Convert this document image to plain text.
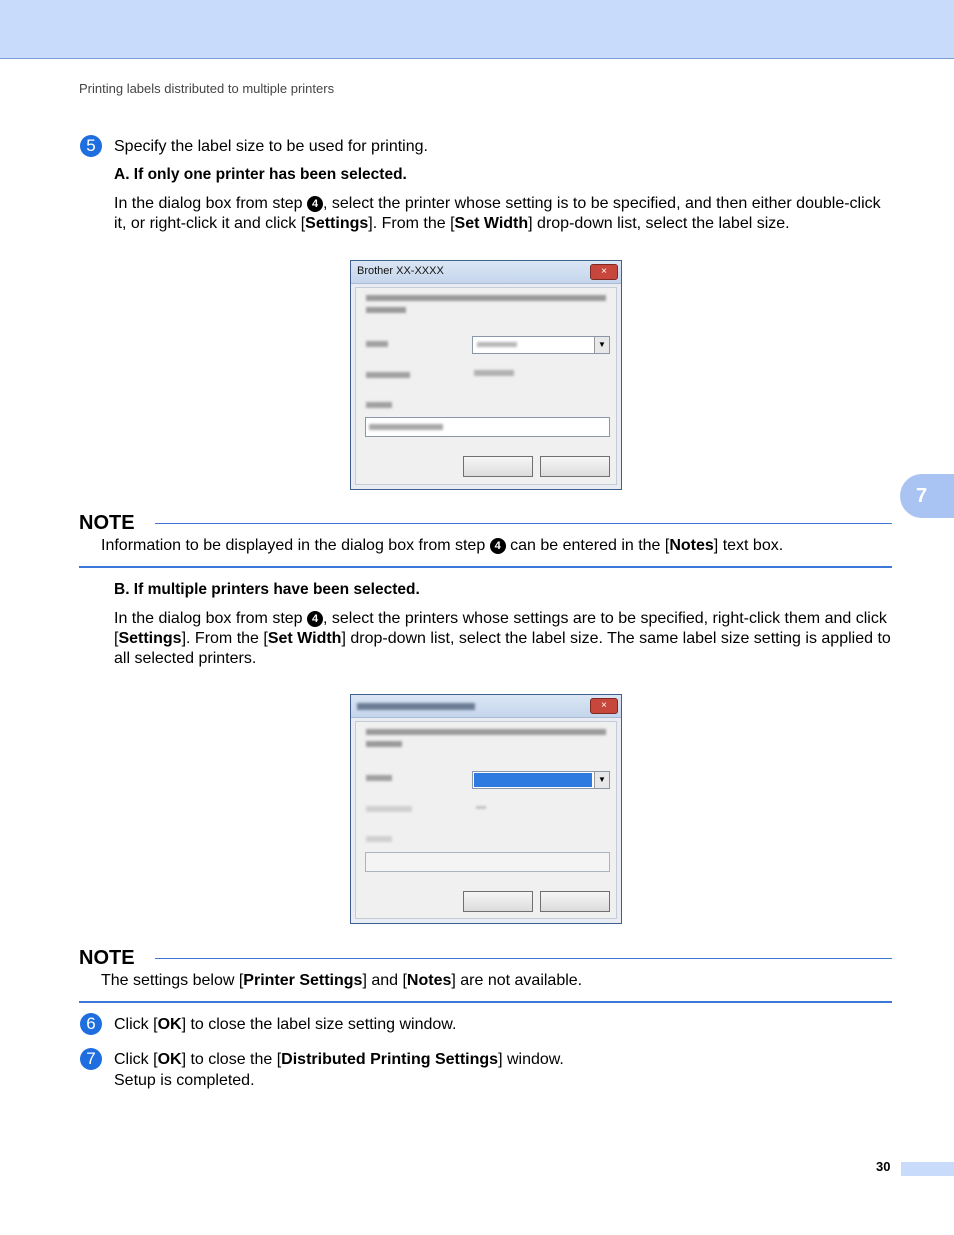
Printing labels distributed to multiple printers
5	Specify the label size to be used for printing.
A. If only one printer has been selected.
In the dialog box from step 4 , select the printer whose setting is to be specified, and then either double-click it, or right-click it and click [Settings]. From the [Set Width] drop-down list, select the label size.
Brother XX-XXXX	×
▼
NOTE
Information to be displayed in the dialog box from step 4 can be entered in the [Notes] text box.
B. If multiple printers have been selected.
In the dialog box from step 4 , select the printers whose settings are to be specified, right-click them and click [Settings]. From the [Set Width] drop-down list, select the label size. The same label size setting is applied to all selected printers.
×
▼
NOTE
The settings below [Printer Settings] and [Notes] are not available.
6	Click [OK] to close the label size setting window.
7	Click [OK] to close the [Distributed Printing Settings] window.
Setup is completed.
7
30
